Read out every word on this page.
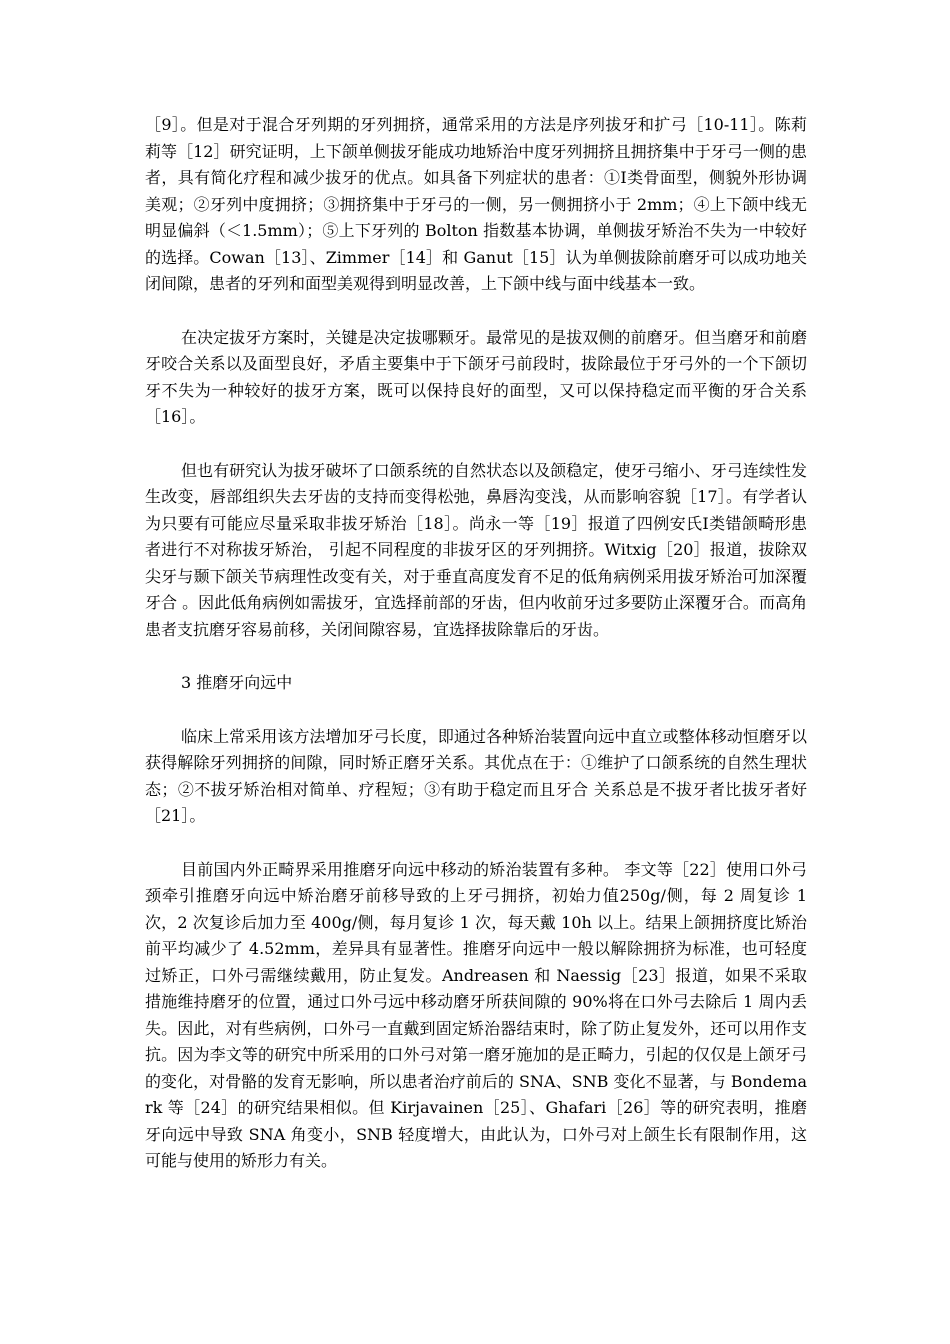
［9］。但是对于混合牙列期的牙列拥挤，通常采用的方法是序列拔牙和扩弓［10-11］。陈莉莉等［12］研究证明，上下颌单侧拔牙能成功地矫治中度牙列拥挤且拥挤集中于牙弓一侧的患者，具有简化疗程和减少拔牙的优点。如具备下列症状的患者：①Ⅰ类骨面型，侧貌外形协调美观；②牙列中度拥挤；③拥挤集中于牙弓的一侧，另一侧拥挤小于 2mm；④上下颌中线无明显偏斜（＜1.5mm）；⑤上下牙列的 Bolton 指数基本协调，单侧拔牙矫治不失为一中较好的选择。Cowan［13］、Zimmer［14］和 Ganut［15］认为单侧拔除前磨牙可以成功地关闭间隙，患者的牙列和面型美观得到明显改善，上下颌中线与面中线基本一致。

在决定拔牙方案时，关键是决定拔哪颗牙。最常见的是拔双侧的前磨牙。但当磨牙和前磨牙咬合关系以及面型良好，矛盾主要集中于下颌牙弓前段时，拔除最位于牙弓外的一个下颌切牙不失为一种较好的拔牙方案，既可以保持良好的面型，又可以保持稳定而平衡的牙合关系［16］。

但也有研究认为拔牙破坏了口颌系统的自然状态以及颌稳定，使牙弓缩小、牙弓连续性发生改变，唇部组织失去牙齿的支持而变得松弛，鼻唇沟变浅，从而影响容貌［17］。有学者认为只要有可能应尽量采取非拔牙矫治［18］。尚永一等［19］报道了四例安氏Ⅰ类错颌畸形患者进行不对称拔牙矫治， 引起不同程度的非拔牙区的牙列拥挤。Witxig［20］报道，拔除双尖牙与颞下颌关节病理性改变有关，对于垂直高度发育不足的低角病例采用拔牙矫治可加深覆牙合 。因此低角病例如需拔牙，宜选择前部的牙齿，但内收前牙过多要防止深覆牙合。而高角患者支抗磨牙容易前移，关闭间隙容易，宜选择拔除靠后的牙齿。

3 推磨牙向远中

临床上常采用该方法增加牙弓长度，即通过各种矫治装置向远中直立或整体移动恒磨牙以获得解除牙列拥挤的间隙，同时矫正磨牙关系。其优点在于：①维护了口颌系统的自然生理状态；②不拔牙矫治相对简单、疗程短；③有助于稳定而且牙合 关系总是不拔牙者比拔牙者好［21］。

目前国内外正畸界采用推磨牙向远中移动的矫治装置有多种。 李文等［22］使用口外弓颈牵引推磨牙向远中矫治磨牙前移导致的上牙弓拥挤，初始力值250g/侧，每 2 周复诊 1 次，2 次复诊后加力至 400g/侧，每月复诊 1 次，每天戴 10h 以上。结果上颌拥挤度比矫治前平均减少了 4.52mm，差异具有显著性。推磨牙向远中一般以解除拥挤为标准，也可轻度过矫正，口外弓需继续戴用，防止复发。Andreasen 和 Naessig［23］报道，如果不采取措施维持磨牙的位置，通过口外弓远中移动磨牙所获间隙的 90%将在口外弓去除后 1 周内丢失。因此，对有些病例，口外弓一直戴到固定矫治器结束时，除了防止复发外，还可以用作支抗。因为李文等的研究中所采用的口外弓对第一磨牙施加的是正畸力，引起的仅仅是上颌牙弓的变化，对骨骼的发育无影响，所以患者治疗前后的 SNA、SNB 变化不显著，与 Bondemark 等［24］的研究结果相似。但 Kirjavainen［25］、Ghafari［26］等的研究表明，推磨牙向远中导致 SNA 角变小，SNB 轻度增大，由此认为，口外弓对上颌生长有限制作用，这可能与使用的矫形力有关。
